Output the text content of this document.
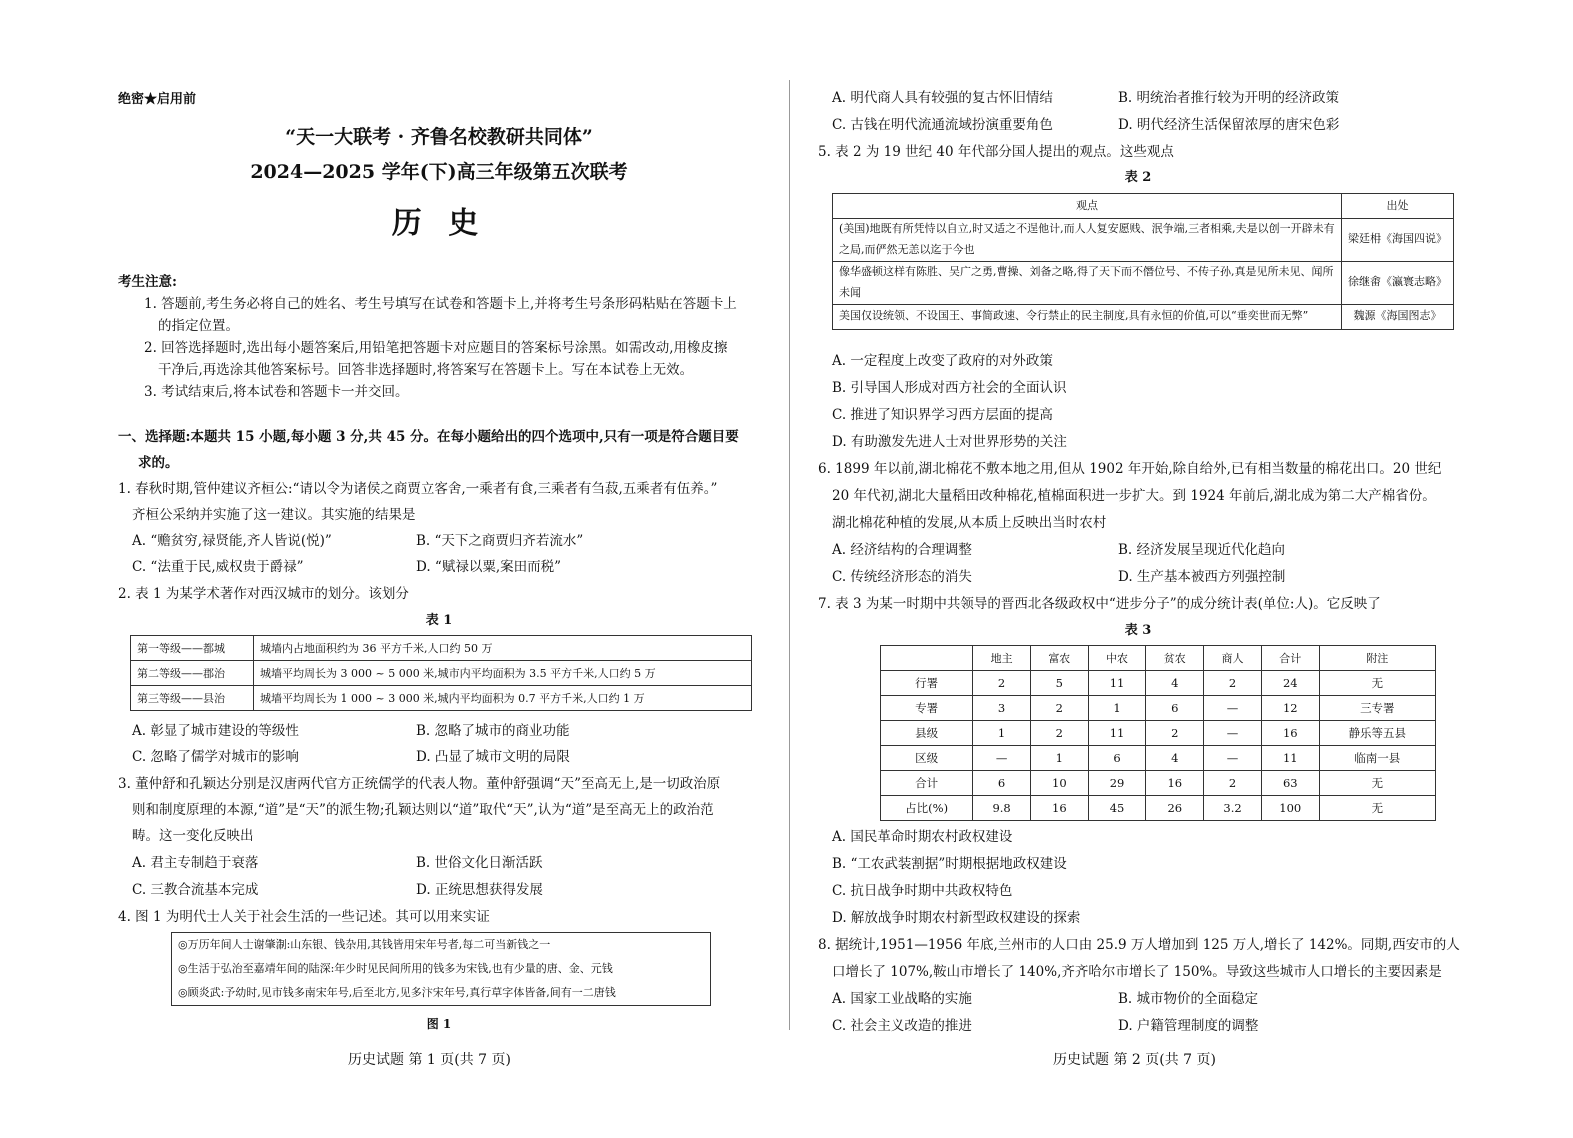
绝密★启用前
“天一大联考 · 齐鲁名校教研共同体”
2024—2025 学年(下)高三年级第五次联考
历 史
考生注意:
1. 答题前,考生务必将自己的姓名、考生号填写在试卷和答题卡上,并将考生号条形码粘贴在答题卡上
的指定位置。
2. 回答选择题时,选出每小题答案后,用铅笔把答题卡对应题目的答案标号涂黑。如需改动,用橡皮擦
干净后,再选涂其他答案标号。回答非选择题时,将答案写在答题卡上。写在本试卷上无效。
3. 考试结束后,将本试卷和答题卡一并交回。
一、选择题:本题共 15 小题,每小题 3 分,共 45 分。在每小题给出的四个选项中,只有一项是符合题目要
求的。
1. 春秋时期,管仲建议齐桓公:“请以令为诸侯之商贾立客舍,一乘者有食,三乘者有刍菽,五乘者有伍养。”
齐桓公采纳并实施了这一建议。其实施的结果是
A. “赡贫穷,禄贤能,齐人皆说(悦)”	B. “天下之商贾归齐若流水”
C. “法重于民,威权贵于爵禄”	D. “赋禄以粟,案田而税”
2. 表 1 为某学术著作对西汉城市的划分。该划分
表 1
第一等级——都城	城墙内占地面积约为 36 平方千米,人口约 50 万
第二等级——郡治	城墙平均周长为 3 000 ~ 5 000 米,城市内平均面积为 3.5 平方千米,人口约 5 万
第三等级——县治	城墙平均周长为 1 000 ~ 3 000 米,城内平均面积为 0.7 平方千米,人口约 1 万
A. 彰显了城市建设的等级性	B. 忽略了城市的商业功能
C. 忽略了儒学对城市的影响	D. 凸显了城市文明的局限
3. 董仲舒和孔颖达分别是汉唐两代官方正统儒学的代表人物。董仲舒强调“天”至高无上,是一切政治原
则和制度原理的本源,“道”是“天”的派生物;孔颖达则以“道”取代“天”,认为“道”是至高无上的政治范
畴。这一变化反映出
A. 君主专制趋于衰落	B. 世俗文化日渐活跃
C. 三教合流基本完成	D. 正统思想获得发展
4. 图 1 为明代士人关于社会生活的一些记述。其可以用来实证
◎万历年间人士谢肇淛:山东银、钱杂用,其钱皆用宋年号者,每二可当新钱之一
◎生活于弘治至嘉靖年间的陆深:年少时见民间所用的钱多为宋钱,也有少量的唐、金、元钱
◎顾炎武:予幼时,见市钱多南宋年号,后至北方,见多汴宋年号,真行草字体皆备,间有一二唐钱
图 1
历史试题 第 1 页(共 7 页)
A. 明代商人具有较强的复古怀旧情结	B. 明统治者推行较为开明的经济政策
C. 古钱在明代流通流域扮演重要角色	D. 明代经济生活保留浓厚的唐宋色彩
5. 表 2 为 19 世纪 40 年代部分国人提出的观点。这些观点
表 2
观点	出处
(美国)地既有所凭恃以自立,时又适之不逞他计,而人人复安愿贱、泯争端,三者相乘,夫是以创一开辟未有之局,而俨然无恙以迄于今也	梁廷枏《海国四说》
像华盛顿这样有陈胜、吴广之勇,曹操、刘备之略,得了天下而不僭位号、不传子孙,真是见所未见、闻所未闻	徐继畬《瀛寰志略》
美国仅设统领、不设国王、事简政速、令行禁止的民主制度,具有永恒的价值,可以“垂奕世而无弊”	魏源《海国图志》
A. 一定程度上改变了政府的对外政策
B. 引导国人形成对西方社会的全面认识
C. 推进了知识界学习西方层面的提高
D. 有助激发先进人士对世界形势的关注
6. 1899 年以前,湖北棉花不敷本地之用,但从 1902 年开始,除自给外,已有相当数量的棉花出口。20 世纪
20 年代初,湖北大量稻田改种棉花,植棉面积进一步扩大。到 1924 年前后,湖北成为第二大产棉省份。
湖北棉花种植的发展,从本质上反映出当时农村
A. 经济结构的合理调整	B. 经济发展呈现近代化趋向
C. 传统经济形态的消失	D. 生产基本被西方列强控制
7. 表 3 为某一时期中共领导的晋西北各级政权中“进步分子”的成分统计表(单位:人)。它反映了
表 3
	地主	富农	中农	贫农	商人	合计	附注
行署	2	5	11	4	2	24	无
专署	3	2	1	6	—	12	三专署
县级	1	2	11	2	—	16	静乐等五县
区级	—	1	6	4	—	11	临南一县
合计	6	10	29	16	2	63	无
占比(%)	9.8	16	45	26	3.2	100	无
A. 国民革命时期农村政权建设
B. “工农武装割据”时期根据地政权建设
C. 抗日战争时期中共政权特色
D. 解放战争时期农村新型政权建设的探索
8. 据统计,1951—1956 年底,兰州市的人口由 25.9 万人增加到 125 万人,增长了 142%。同期,西安市的人
口增长了 107%,鞍山市增长了 140%,齐齐哈尔市增长了 150%。导致这些城市人口增长的主要因素是
A. 国家工业战略的实施	B. 城市物价的全面稳定
C. 社会主义改造的推进	D. 户籍管理制度的调整
历史试题 第 2 页(共 7 页)
